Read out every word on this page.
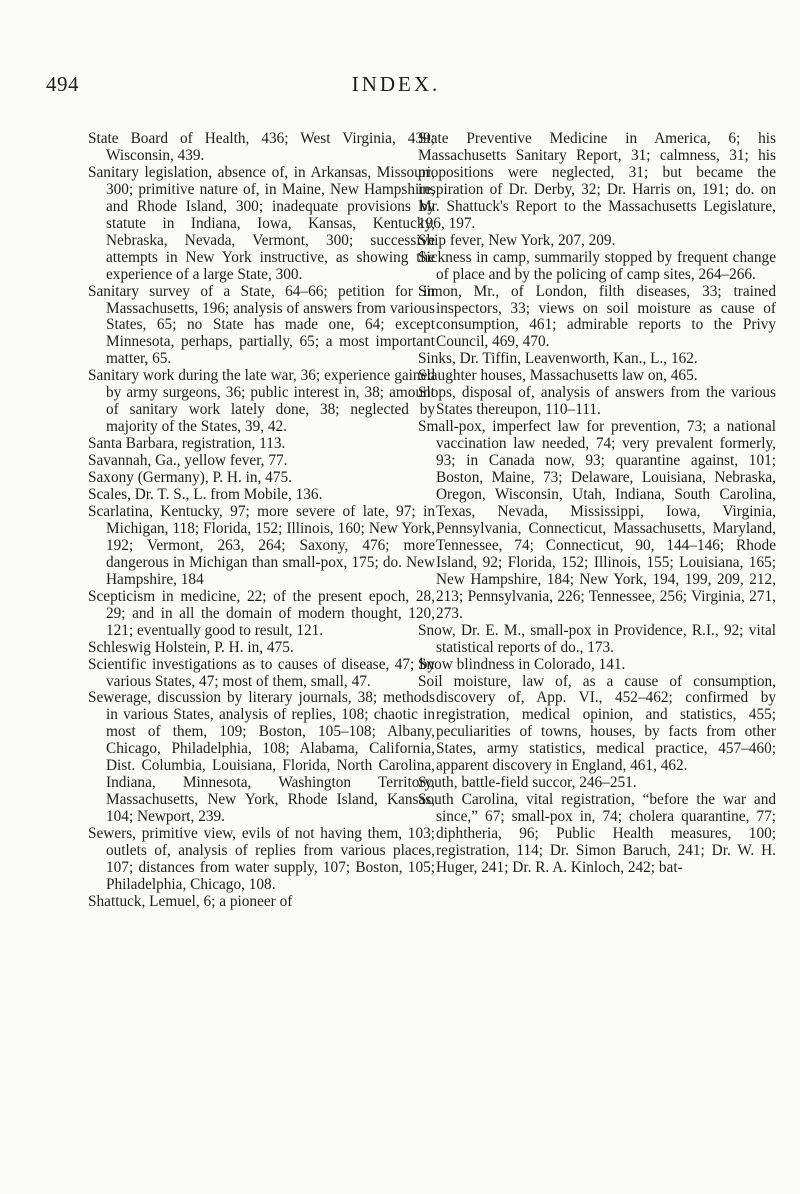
494	INDEX.

State Board of Health, 436; West Virginia, 439; Wisconsin, 439.

Sanitary legislation, absence of, in Arkansas, Missouri, 300; primitive nature of, in Maine, New Hampshire, and Rhode Island, 300; inadequate provisions by statute in Indiana, Iowa, Kansas, Kentucky, Nebraska, Nevada, Vermont, 300; successive attempts in New York instructive, as showing the experience of a large State, 300.

Sanitary survey of a State, 64–66; petition for in Massachusetts, 196; analysis of answers from various States, 65; no State has made one, 64; except Minnesota, perhaps, partially, 65; a most important matter, 65.

Sanitary work during the late war, 36; experience gained by army surgeons, 36; public interest in, 38; amount of sanitary work lately done, 38; neglected by majority of the States, 39, 42.

Santa Barbara, registration, 113.

Savannah, Ga., yellow fever, 77.

Saxony (Germany), P. H. in, 475.

Scales, Dr. T. S., L. from Mobile, 136.

Scarlatina, Kentucky, 97; more severe of late, 97; in Michigan, 118; Florida, 152; Illinois, 160; New York, 192; Vermont, 263, 264; Saxony, 476; more dangerous in Michigan than small-pox, 175; do. New Hampshire, 184

Scepticism in medicine, 22; of the present epoch, 28, 29; and in all the domain of modern thought, 120, 121; eventually good to result, 121.

Schleswig Holstein, P. H. in, 475.

Scientific investigations as to causes of disease, 47; by various States, 47; most of them, small, 47.

Sewerage, discussion by literary journals, 38; methods in various States, analysis of replies, 108; chaotic in most of them, 109; Boston, 105–108; Albany, Chicago, Philadelphia, 108; Alabama, California, Dist. Columbia, Louisiana, Florida, North Carolina, Indiana, Minnesota, Washington Territory, Massachusetts, New York, Rhode Island, Kansas, 104; Newport, 239.

Sewers, primitive view, evils of not having them, 103; outlets of, analysis of replies from various places, 107; distances from water supply, 107; Boston, 105; Philadelphia, Chicago, 108.

Shattuck, Lemuel, 6; a pioneer of

State Preventive Medicine in America, 6; his Massachusetts Sanitary Report, 31; calmness, 31; his propositions were neglected, 31; but became the inspiration of Dr. Derby, 32; Dr. Harris on, 191; do. on Mr. Shattuck's Report to the Massachusetts Legislature, 196, 197.

Ship fever, New York, 207, 209.

Sickness in camp, summarily stopped by frequent change of place and by the policing of camp sites, 264–266.

Simon, Mr., of London, filth diseases, 33; trained inspectors, 33; views on soil moisture as cause of consumption, 461; admirable reports to the Privy Council, 469, 470.

Sinks, Dr. Tiffin, Leavenworth, Kan., L., 162.

Slaughter houses, Massachusetts law on, 465.

Slops, disposal of, analysis of answers from the various States thereupon, 110–111.

Small-pox, imperfect law for prevention, 73; a national vaccination law needed, 74; very prevalent formerly, 93; in Canada now, 93; quarantine against, 101; Boston, Maine, 73; Delaware, Louisiana, Nebraska, Oregon, Wisconsin, Utah, Indiana, South Carolina, Texas, Nevada, Mississippi, Iowa, Virginia, Pennsylvania, Connecticut, Massachusetts, Maryland, Tennessee, 74; Connecticut, 90, 144–146; Rhode Island, 92; Florida, 152; Illinois, 155; Louisiana, 165; New Hampshire, 184; New York, 194, 199, 209, 212, 213; Pennsylvania, 226; Tennessee, 256; Virginia, 271, 273.

Snow, Dr. E. M., small-pox in Providence, R.I., 92; vital statistical reports of do., 173.

Snow blindness in Colorado, 141.

Soil moisture, law of, as a cause of consumption, discovery of, App. VI., 452–462; confirmed by registration, medical opinion, and statistics, 455; peculiarities of towns, houses, by facts from other States, army statistics, medical practice, 457–460; apparent discovery in England, 461, 462.

South, battle-field succor, 246–251.

South Carolina, vital registration, “before the war and since,” 67; small-pox in, 74; cholera quarantine, 77; diphtheria, 96; Public Health measures, 100; registration, 114; Dr. Simon Baruch, 241; Dr. W. H. Huger, 241; Dr. R. A. Kinloch, 242; bat-
